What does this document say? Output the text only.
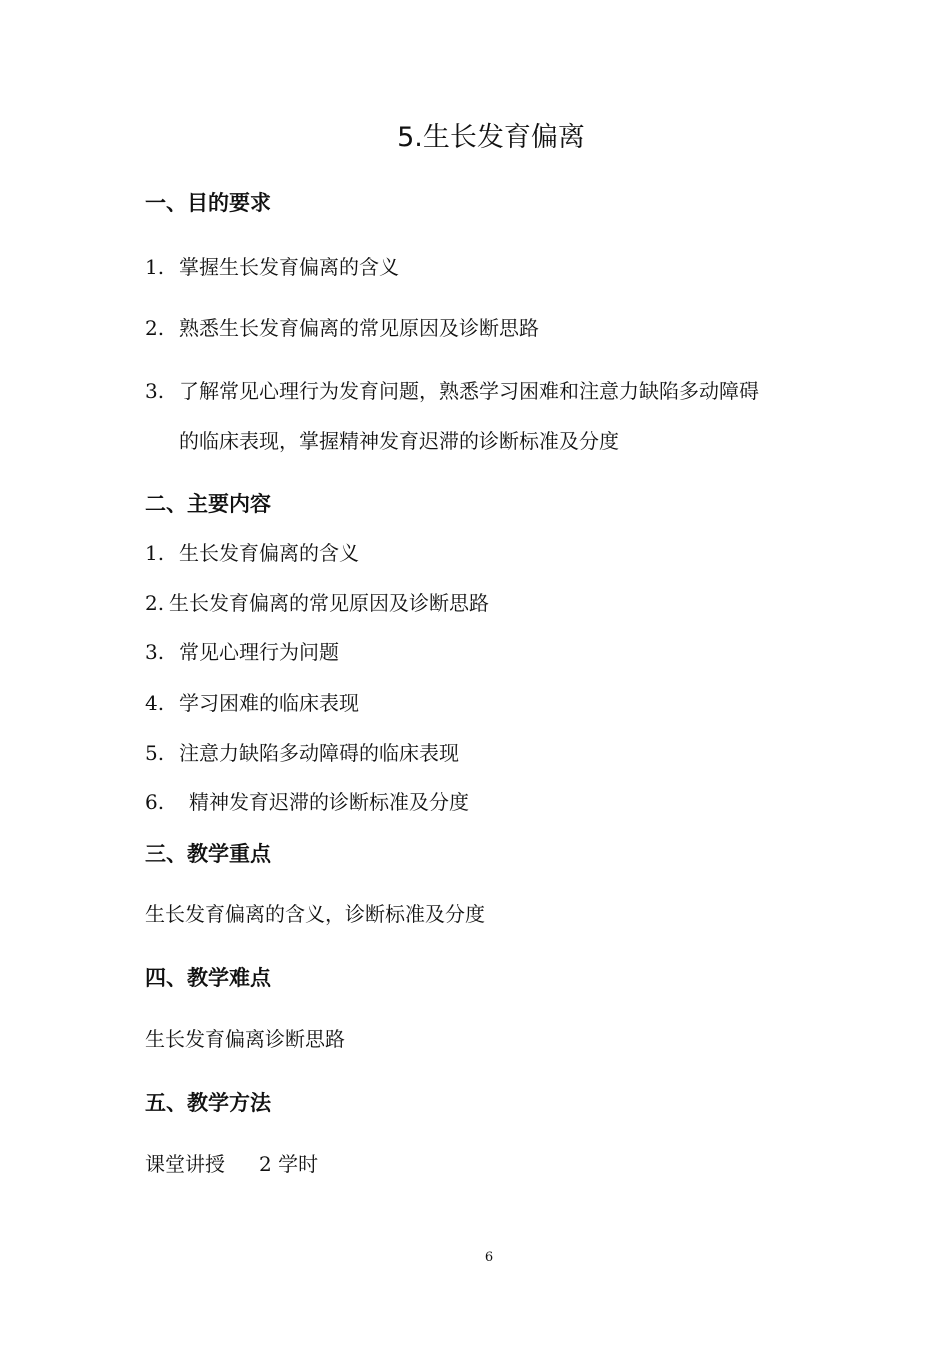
5.生长发育偏离
一、目的要求
1. 掌握生长发育偏离的含义
2. 熟悉生长发育偏离的常见原因及诊断思路
3. 了解常见心理行为发育问题，熟悉学习困难和注意力缺陷多动障碍
的临床表现，掌握精神发育迟滞的诊断标准及分度
二、主要内容
1. 生长发育偏离的含义
2. 生长发育偏离的常见原因及诊断思路
3. 常见心理行为问题
4. 学习困难的临床表现
5. 注意力缺陷多动障碍的临床表现
6. 精神发育迟滞的诊断标准及分度
三、教学重点
生长发育偏离的含义，诊断标准及分度
四、教学难点
生长发育偏离诊断思路
五、教学方法
课堂讲授 2 学时
6
